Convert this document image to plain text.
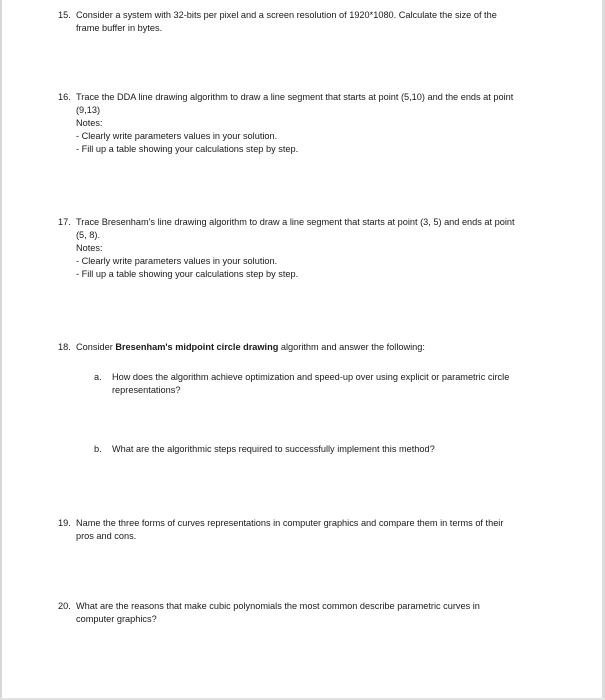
15. Consider a system with 32-bits per pixel and a screen resolution of 1920*1080. Calculate the size of the
frame buffer in bytes.
16. Trace the DDA line drawing algorithm to draw a line segment that starts at point (5,10) and the ends at point
(9,13)
Notes:
- Clearly write parameters values in your solution.
- Fill up a table showing your calculations step by step.
17. Trace Bresenham's line drawing algorithm to draw a line segment that starts at point (3, 5) and ends at point
(5, 8).
Notes:
- Clearly write parameters values in your solution.
- Fill up a table showing your calculations step by step.
18. Consider Bresenham's midpoint circle drawing algorithm and answer the following:
a. How does the algorithm achieve optimization and speed-up over using explicit or parametric circle
representations?
b. What are the algorithmic steps required to successfully implement this method?
19. Name the three forms of curves representations in computer graphics and compare them in terms of their
pros and cons.
20. What are the reasons that make cubic polynomials the most common describe parametric curves in
computer graphics?
